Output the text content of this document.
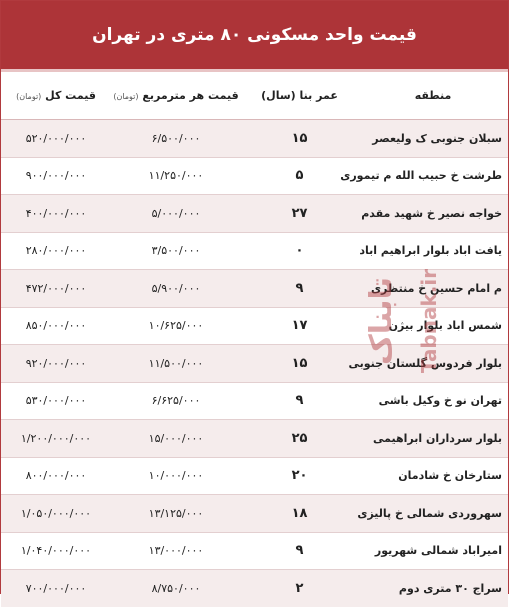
قیمت واحد مسکونی ۸۰ متری در تهران
منطقه	عمر بنا (سال)	قیمت هر مترمربع (تومان)	قیمت کل (تومان)
سبلان جنوبی ک ولیعصر	۱۵	۶/۵۰۰/۰۰۰	۵۲۰/۰۰۰/۰۰۰
طرشت خ حبیب الله م تیموری	۵	۱۱/۲۵۰/۰۰۰	۹۰۰/۰۰۰/۰۰۰
خواجه نصیر خ شهید مقدم	۲۷	۵/۰۰۰/۰۰۰	۴۰۰/۰۰۰/۰۰۰
یافت اباد بلوار ابراهیم اباد	۰	۳/۵۰۰/۰۰۰	۲۸۰/۰۰۰/۰۰۰
م امام حسین خ منتظری	۹	۵/۹۰۰/۰۰۰	۴۷۲/۰۰۰/۰۰۰
شمس اباد بلوار بیژن	۱۷	۱۰/۶۲۵/۰۰۰	۸۵۰/۰۰۰/۰۰۰
بلوار فردوس گلستان جنوبی	۱۵	۱۱/۵۰۰/۰۰۰	۹۲۰/۰۰۰/۰۰۰
تهران نو خ وکیل باشی	۹	۶/۶۲۵/۰۰۰	۵۳۰/۰۰۰/۰۰۰
بلوار سرداران ابراهیمی	۲۵	۱۵/۰۰۰/۰۰۰	۱/۲۰۰/۰۰۰/۰۰۰
ستارخان خ شادمان	۲۰	۱۰/۰۰۰/۰۰۰	۸۰۰/۰۰۰/۰۰۰
سهروردی شمالی خ پالیزی	۱۸	۱۳/۱۲۵/۰۰۰	۱/۰۵۰/۰۰۰/۰۰۰
امیراباد شمالی شهریور	۹	۱۳/۰۰۰/۰۰۰	۱/۰۴۰/۰۰۰/۰۰۰
سراج ۳۰ متری دوم	۲	۸/۷۵۰/۰۰۰	۷۰۰/۰۰۰/۰۰۰
تابناک Tabnak.ir
